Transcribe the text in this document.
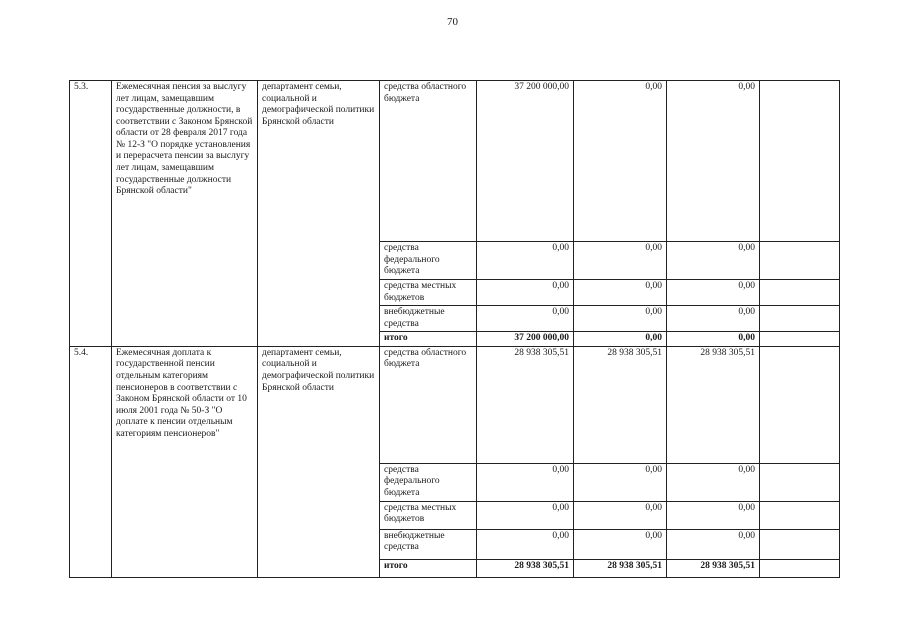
70
5.3.	Ежемесячная пенсия за выслугу лет лицам, замещавшим государственные должности, в соответствии с Законом Брянской области от 28 февраля 2017 года № 12-З "О порядке установления и перерасчета пенсии за выслугу лет лицам, замещавшим государственные должности Брянской области"	департамент семьи, социальной и демографической политики Брянской области	средства областного бюджета	37 200 000,00	0,00	0,00	
			средства федерального бюджета	0,00	0,00	0,00	
			средства местных бюджетов	0,00	0,00	0,00	
			внебюджетные средства	0,00	0,00	0,00	
			итого	37 200 000,00	0,00	0,00	
5.4.	Ежемесячная доплата к государственной пенсии отдельным категориям пенсионеров в соответствии с Законом Брянской области от 10 июля 2001 года № 50-З "О доплате к пенсии отдельным категориям пенсионеров"	департамент семьи, социальной и демографической политики Брянской области	средства областного бюджета	28 938 305,51	28 938 305,51	28 938 305,51	
			средства федерального бюджета	0,00	0,00	0,00	
			средства местных бюджетов	0,00	0,00	0,00	
			внебюджетные средства	0,00	0,00	0,00	
			итого	28 938 305,51	28 938 305,51	28 938 305,51	
